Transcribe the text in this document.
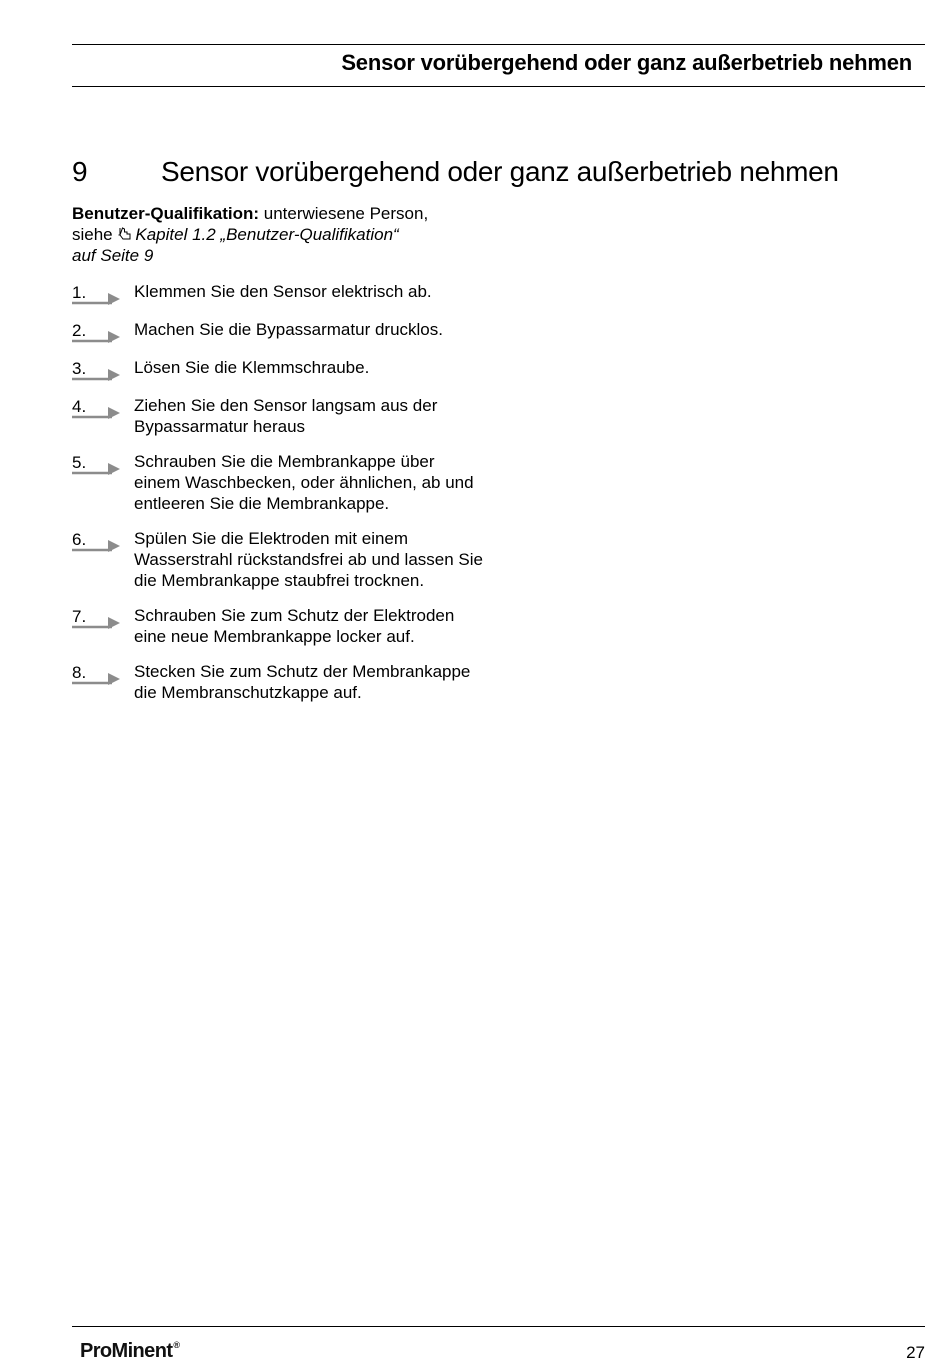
Sensor vorübergehend oder ganz außerbetrieb nehmen
9	Sensor vorübergehend oder ganz außerbetrieb nehmen
Benutzer-Qualifikation: unterwiesene Person,
siehe Kapitel 1.2 „Benutzer-Qualifikation“
auf Seite 9
1.	Klemmen Sie den Sensor elektrisch ab.
2.	Machen Sie die Bypassarmatur drucklos.
3.	Lösen Sie die Klemmschraube.
4.	Ziehen Sie den Sensor langsam aus der Bypassarmatur heraus
5.	Schrauben Sie die Membrankappe über einem Waschbecken, oder ähnlichen, ab und entleeren Sie die Membrankappe.
6.	Spülen Sie die Elektroden mit einem Wasserstrahl rückstandsfrei ab und lassen Sie die Membrankappe staubfrei trocknen.
7.	Schrauben Sie zum Schutz der Elektroden eine neue Membrankappe locker auf.
8.	Stecken Sie zum Schutz der Membrankappe die Membranschutzkappe auf.
ProMinent®	27
